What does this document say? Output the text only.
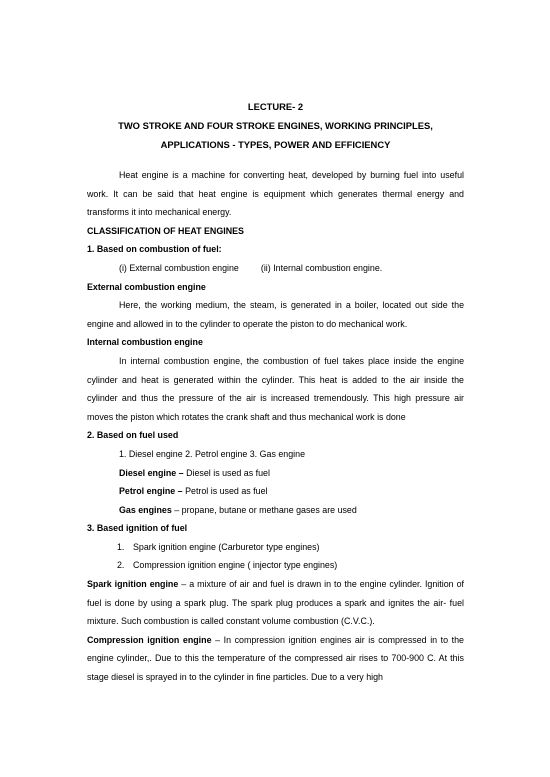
LECTURE- 2

TWO STROKE AND FOUR STROKE ENGINES, WORKING PRINCIPLES,

APPLICATIONS - TYPES, POWER AND EFFICIENCY

Heat engine is a machine for converting heat, developed by burning fuel into useful work. It can be said that heat engine is equipment which generates thermal energy and transforms it into mechanical energy.

CLASSIFICATION OF HEAT ENGINES

1. Based on combustion of fuel:

(i) External combustion engine (ii) Internal combustion engine.

External combustion engine

Here, the working medium, the steam, is generated in a boiler, located out side the engine and allowed in to the cylinder to operate the piston to do mechanical work.

Internal combustion engine

In internal combustion engine, the combustion of fuel takes place inside the engine cylinder and heat is generated within the cylinder. This heat is added to the air inside the cylinder and thus the pressure of the air is increased tremendously. This high pressure air moves the piston which rotates the crank shaft and thus mechanical work is done

2. Based on fuel used

1. Diesel engine 2. Petrol engine 3. Gas engine

Diesel engine – Diesel is used as fuel

Petrol engine – Petrol is used as fuel

Gas engines – propane, butane or methane gases are used

3. Based ignition of fuel

1. Spark ignition engine (Carburetor type engines)

2. Compression ignition engine ( injector type engines)

Spark ignition engine – a mixture of air and fuel is drawn in to the engine cylinder. Ignition of fuel is done by using a spark plug. The spark plug produces a spark and ignites the air- fuel mixture. Such combustion is called constant volume combustion (C.V.C.).

Compression ignition engine – In compression ignition engines air is compressed in to the engine cylinder,. Due to this the temperature of the compressed air rises to 700-900 C. At this stage diesel is sprayed in to the cylinder in fine particles. Due to a very high
